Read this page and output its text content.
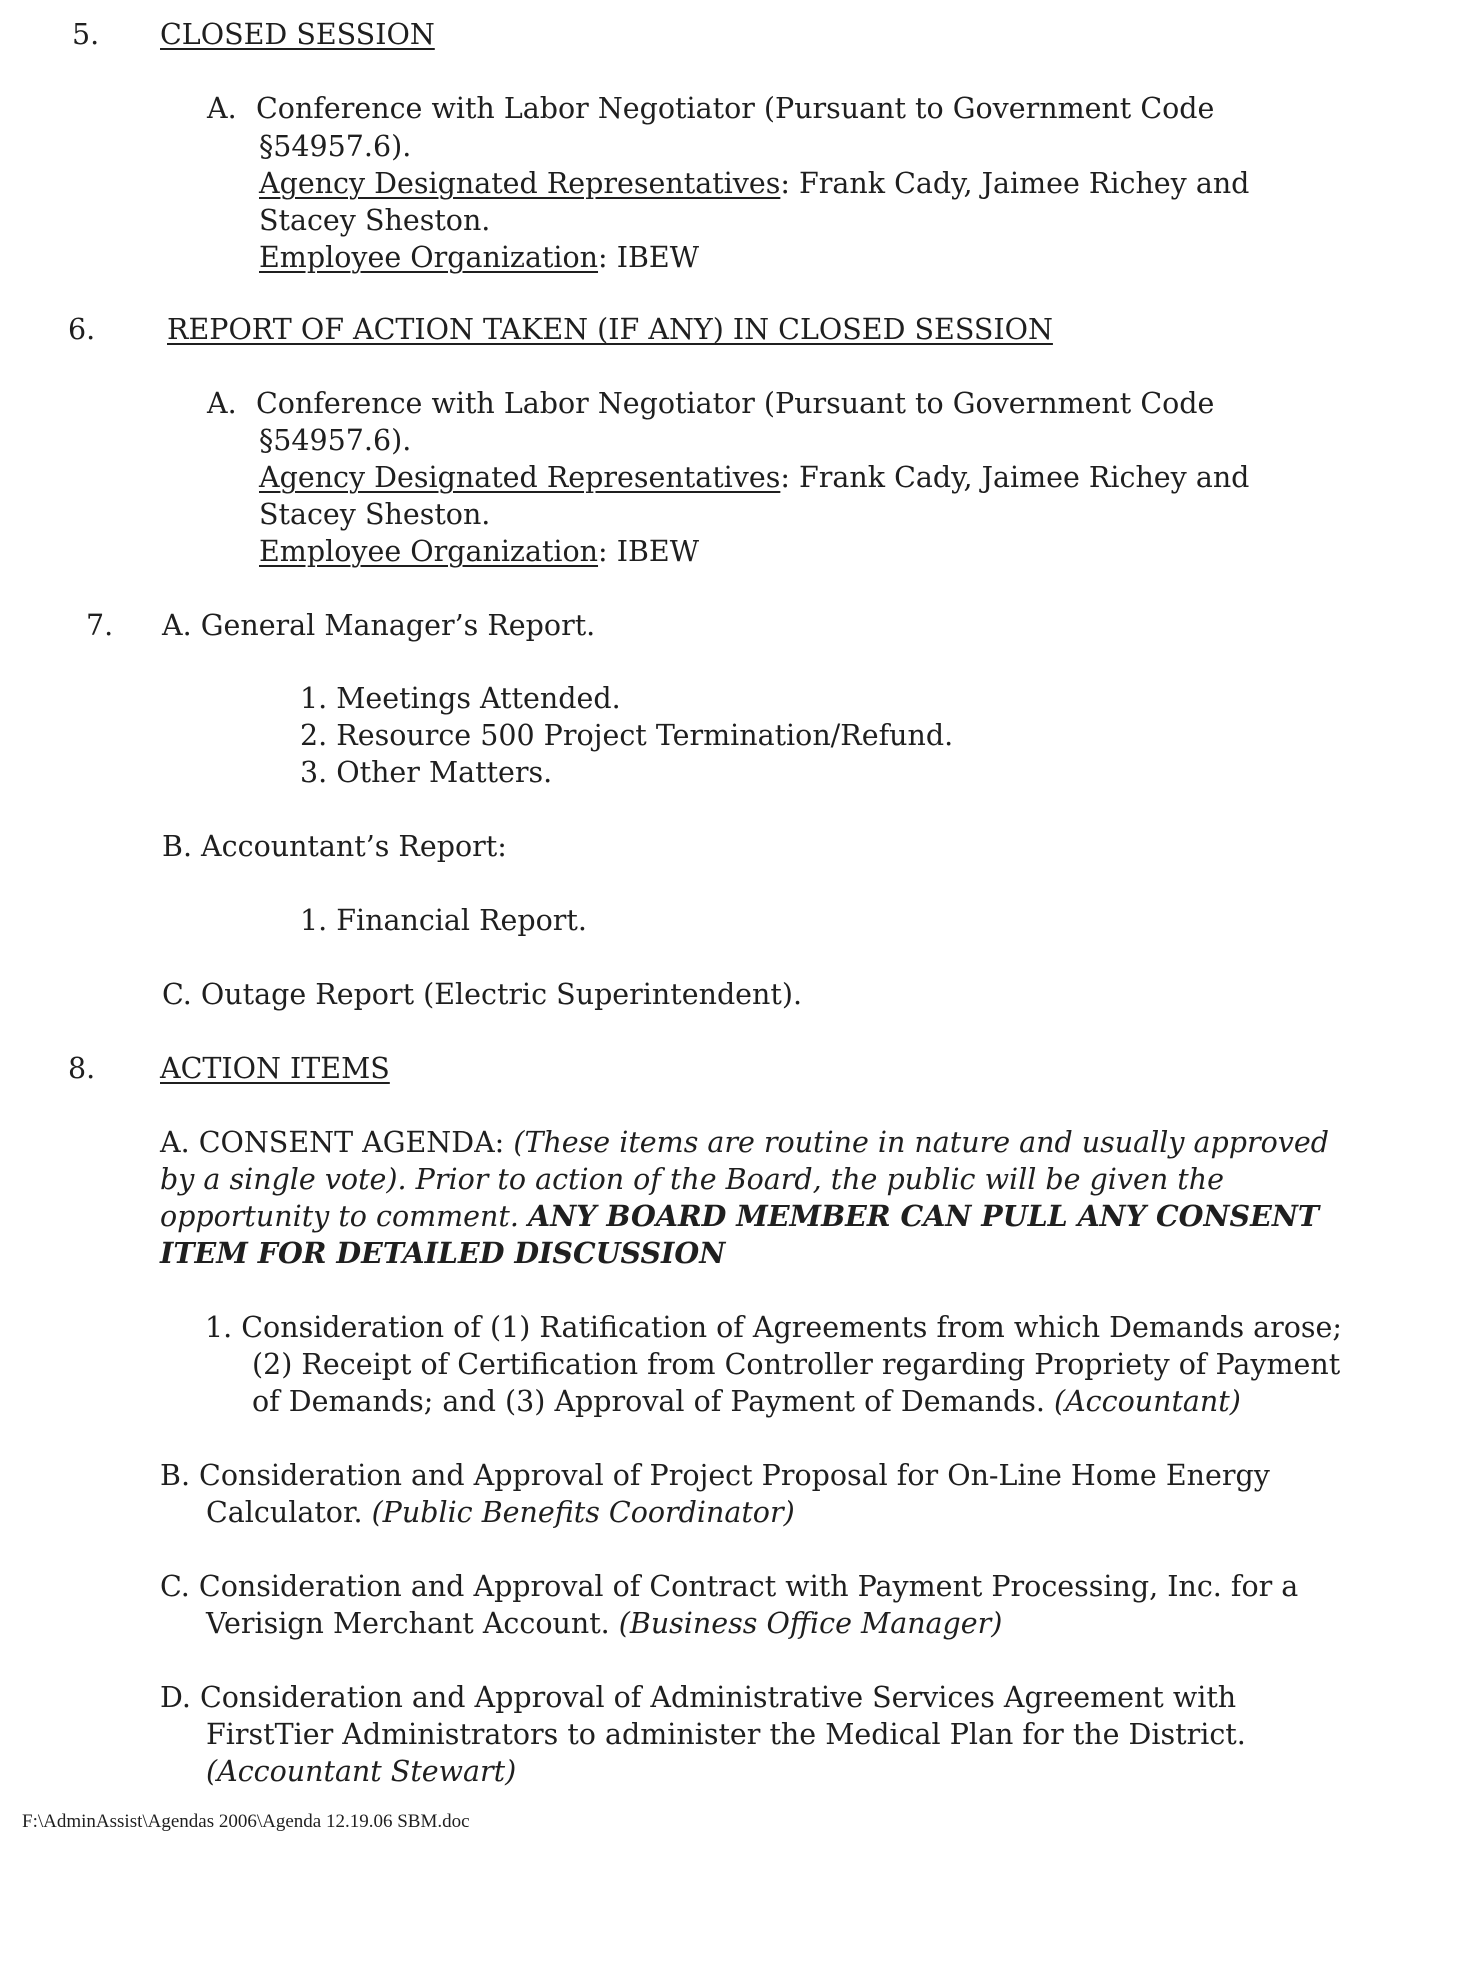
5. CLOSED SESSION
A. Conference with Labor Negotiator (Pursuant to Government Code
§54957.6).
Agency Designated Representatives: Frank Cady, Jaimee Richey and
Stacey Sheston.
Employee Organization: IBEW
6.	REPORT OF ACTION TAKEN (IF ANY) IN CLOSED SESSION
A. Conference with Labor Negotiator (Pursuant to Government Code
§54957.6).
Agency Designated Representatives: Frank Cady, Jaimee Richey and
Stacey Sheston.
Employee Organization: IBEW
7. A. General Manager’s Report.
1. Meetings Attended.
2. Resource 500 Project Termination/Refund.
3. Other Matters.
B. Accountant’s Report:
1. Financial Report.
C. Outage Report (Electric Superintendent).
8. ACTION ITEMS
A. CONSENT AGENDA: (These items are routine in nature and usually approved
by a single vote). Prior to action of the Board, the public will be given the
opportunity to comment. ANY BOARD MEMBER CAN PULL ANY CONSENT
ITEM FOR DETAILED DISCUSSION
1. Consideration of (1) Ratification of Agreements from which Demands arose;
(2) Receipt of Certification from Controller regarding Propriety of Payment
of Demands; and (3) Approval of Payment of Demands. (Accountant)
B. Consideration and Approval of Project Proposal for On-Line Home Energy
Calculator. (Public Benefits Coordinator)
C. Consideration and Approval of Contract with Payment Processing, Inc. for a
Verisign Merchant Account. (Business Office Manager)
D. Consideration and Approval of Administrative Services Agreement with
FirstTier Administrators to administer the Medical Plan for the District.
(Accountant Stewart)
F:\AdminAssist\Agendas 2006\Agenda 12.19.06 SBM.doc
